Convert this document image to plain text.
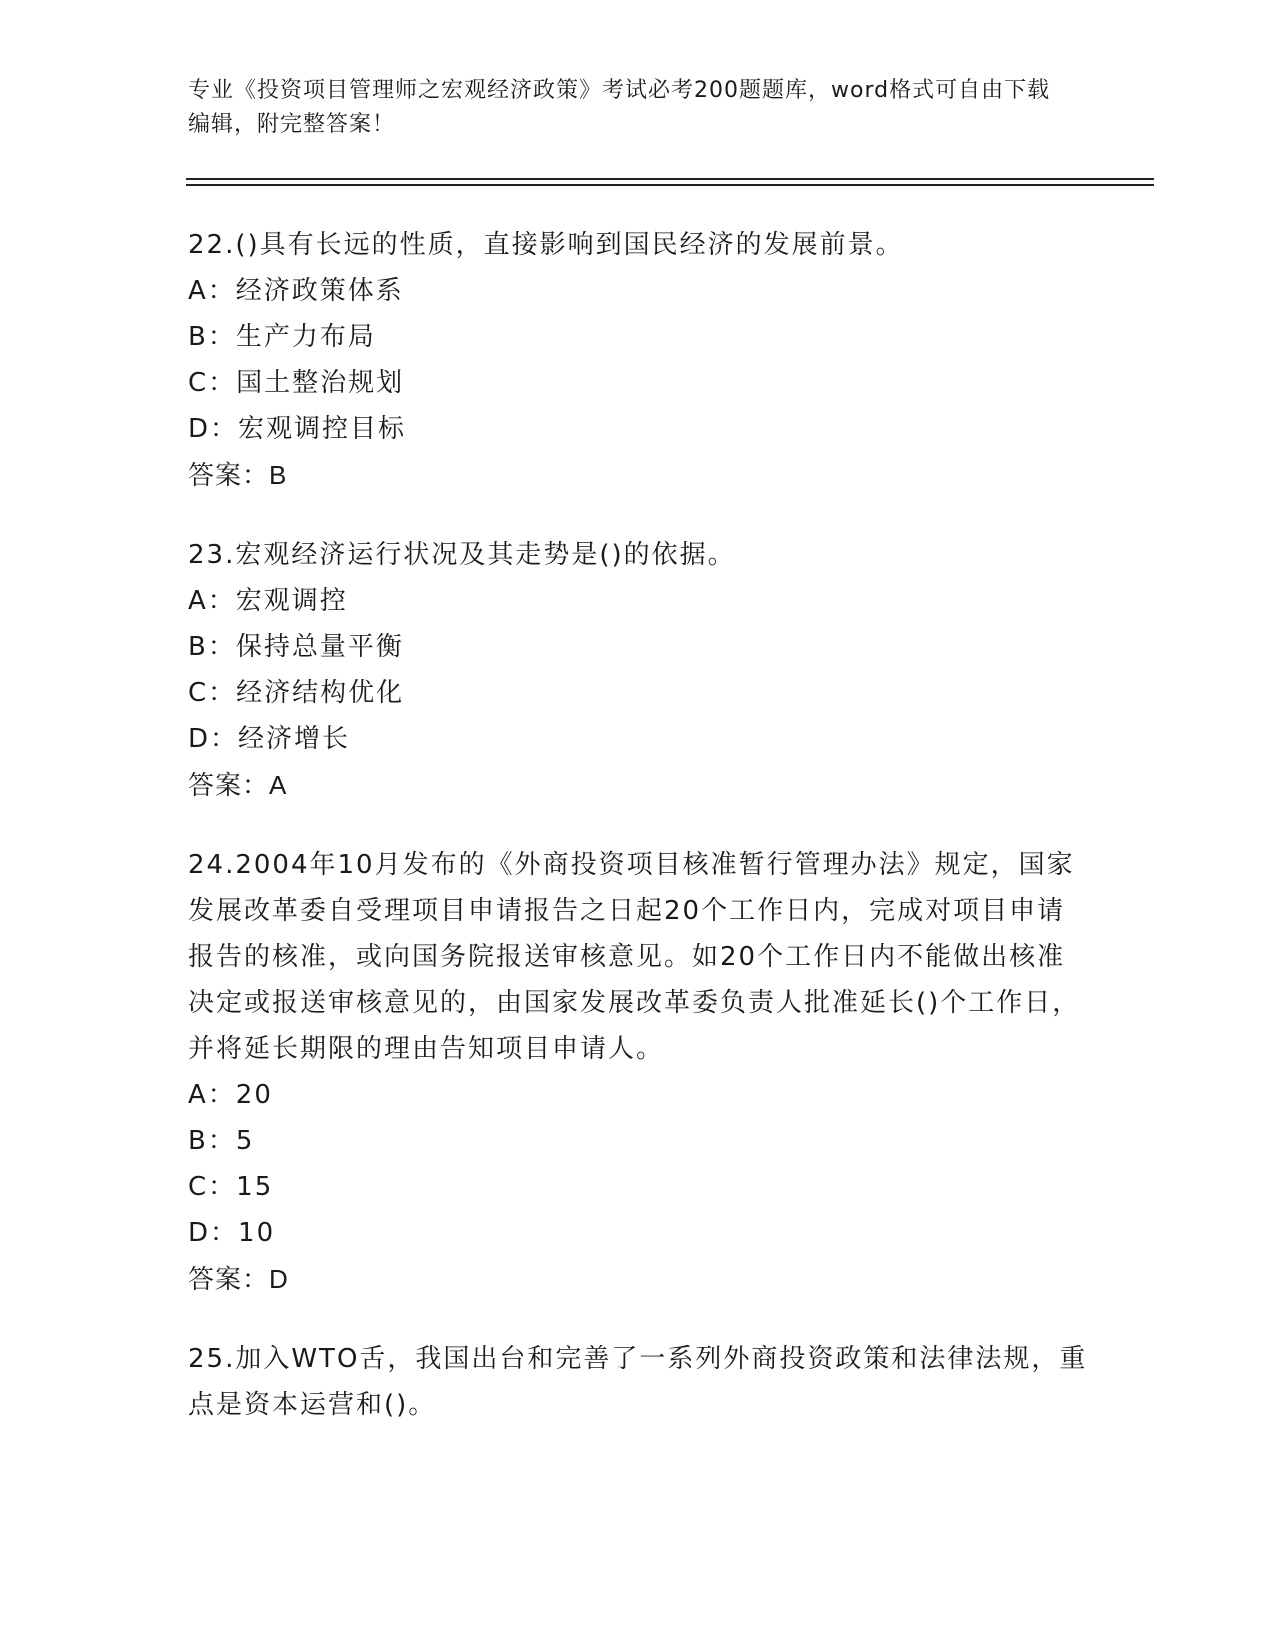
专业《投资项目管理师之宏观经济政策》考试必考200题题库，word格式可自由下载编辑，附完整答案！
22.()具有长远的性质，直接影响到国民经济的发展前景。
A：经济政策体系
B：生产力布局
C：国土整治规划
D：宏观调控目标
答案：B
23.宏观经济运行状况及其走势是()的依据。
A：宏观调控
B：保持总量平衡
C：经济结构优化
D：经济增长
答案：A
24.2004年10月发布的《外商投资项目核准暂行管理办法》规定，国家发展改革委自受理项目申请报告之日起20个工作日内，完成对项目申请报告的核准，或向国务院报送审核意见。如20个工作日内不能做出核准决定或报送审核意见的，由国家发展改革委负责人批准延长()个工作日，并将延长期限的理由告知项目申请人。
A：20
B：5
C：15
D：10
答案：D
25.加入WTO舌，我国出台和完善了一系列外商投资政策和法律法规，重点是资本运营和()。
